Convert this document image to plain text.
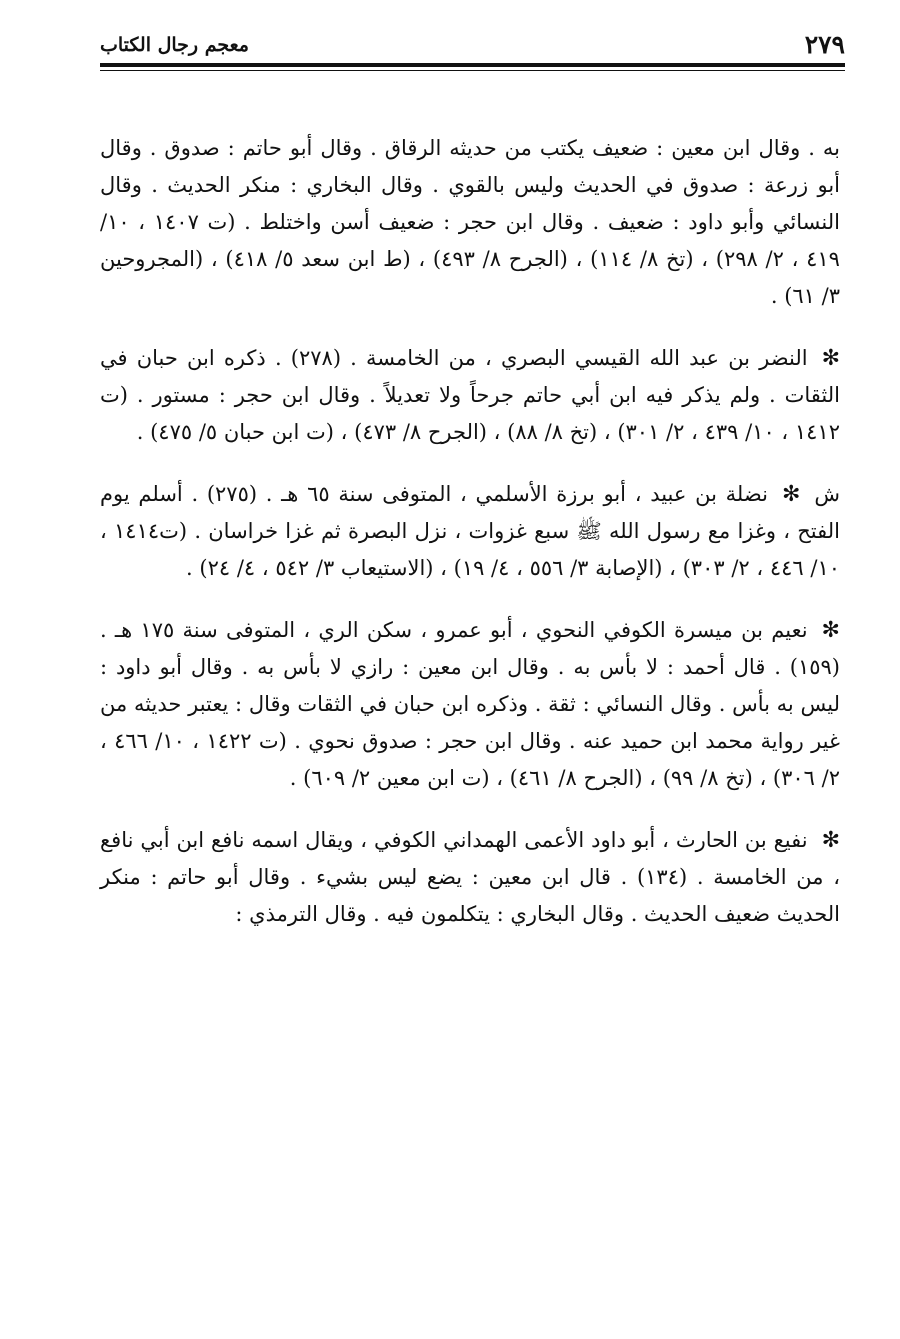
٢٧٩
معجم رجال الكتاب

به . وقال ابن معين : ضعيف يكتب من حديثه الرقاق . وقال أبو حاتم : صدوق . وقال أبو زرعة : صدوق في الحديث وليس بالقوي . وقال البخاري : منكر الحديث . وقال النسائي وأبو داود : ضعيف . وقال ابن حجر : ضعيف أسن واختلط . (ت ١٤٠٧ ، ١٠/ ٤١٩ ، ٢/ ٢٩٨) ، (تخ ٨/ ١١٤) ، (الجرح ٨/ ٤٩٣) ، (ط ابن سعد ٥/ ٤١٨) ، (المجروحين ٣/ ٦١) .

✻النضر بن عبد الله القيسي البصري ، من الخامسة . (٢٧٨) . ذكره ابن حبان في الثقات . ولم يذكر فيه ابن أبي حاتم جرحاً ولا تعديلاً . وقال ابن حجر : مستور . (ت ١٤١٢ ، ١٠/ ٤٣٩ ، ٢/ ٣٠١) ، (تخ ٨/ ٨٨) ، (الجرح ٨/ ٤٧٣) ، (ت ابن حبان ٥/ ٤٧٥) .

ش✻نضلة بن عبيد ، أبو برزة الأسلمي ، المتوفى سنة ٦٥ هـ . (٢٧٥) . أسلم يوم الفتح ، وغزا مع رسول الله ﷺ سبع غزوات ، نزل البصرة ثم غزا خراسان . (ت١٤١٤ ، ١٠/ ٤٤٦ ، ٢/ ٣٠٣) ، (الإصابة ٣/ ٥٥٦ ، ٤/ ١٩) ، (الاستيعاب ٣/ ٥٤٢ ، ٤/ ٢٤) .

✻نعيم بن ميسرة الكوفي النحوي ، أبو عمرو ، سكن الري ، المتوفى سنة ١٧٥ هـ . (١٥٩) . قال أحمد : لا بأس به . وقال ابن معين : رازي لا بأس به . وقال أبو داود : ليس به بأس . وقال النسائي : ثقة . وذكره ابن حبان في الثقات وقال : يعتبر حديثه من غير رواية محمد ابن حميد عنه . وقال ابن حجر : صدوق نحوي . (ت ١٤٢٢ ، ١٠/ ٤٦٦ ، ٢/ ٣٠٦) ، (تخ ٨/ ٩٩) ، (الجرح ٨/ ٤٦١) ، (ت ابن معين ٢/ ٦٠٩) .

✻نفيع بن الحارث ، أبو داود الأعمى الهمداني الكوفي ، ويقال اسمه نافع ابن أبي نافع ، من الخامسة . (١٣٤) . قال ابن معين : يضع ليس بشيء . وقال أبو حاتم : منكر الحديث ضعيف الحديث . وقال البخاري : يتكلمون فيه . وقال الترمذي :
